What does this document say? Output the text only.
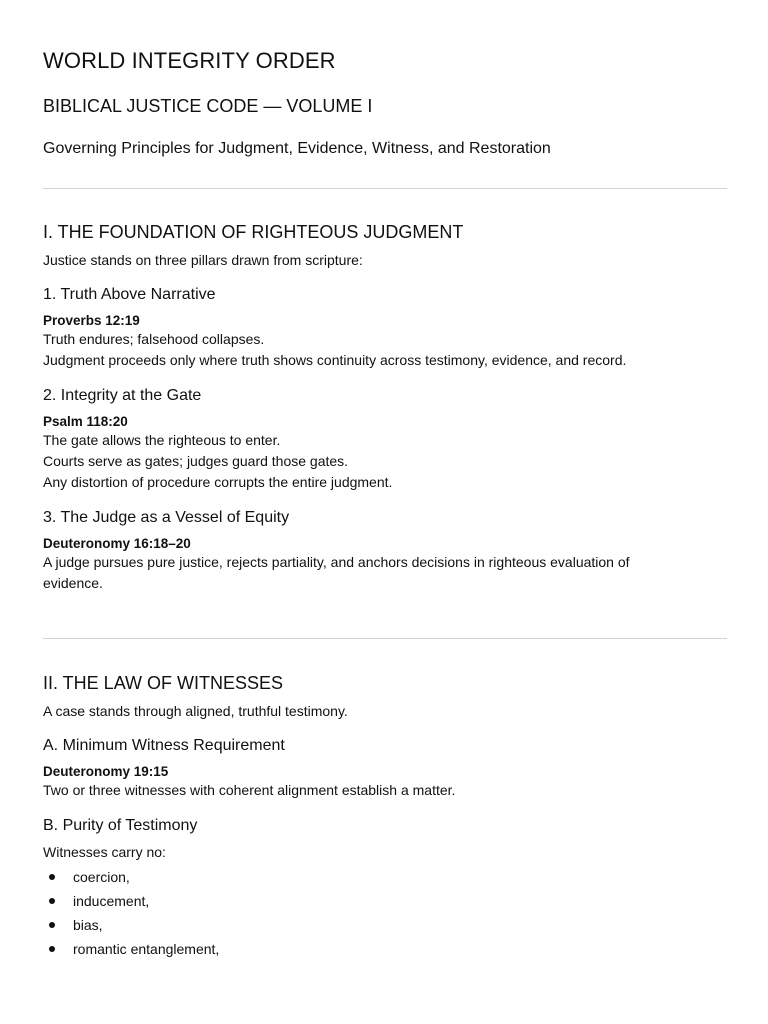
WORLD INTEGRITY ORDER
BIBLICAL JUSTICE CODE — VOLUME I
Governing Principles for Judgment, Evidence, Witness, and Restoration
I. THE FOUNDATION OF RIGHTEOUS JUDGMENT

Justice stands on three pillars drawn from scripture:

1. Truth Above Narrative

Proverbs 12:19

Truth endures; falsehood collapses.

Judgment proceeds only where truth shows continuity across testimony, evidence, and record.

2. Integrity at the Gate

Psalm 118:20

The gate allows the righteous to enter.

Courts serve as gates; judges guard those gates.

Any distortion of procedure corrupts the entire judgment.

3. The Judge as a Vessel of Equity

Deuteronomy 16:18–20

A judge pursues pure justice, rejects partiality, and anchors decisions in righteous evaluation of

evidence.

II. THE LAW OF WITNESSES

A case stands through aligned, truthful testimony.

A. Minimum Witness Requirement

Deuteronomy 19:15

Two or three witnesses with coherent alignment establish a matter.

B. Purity of Testimony

Witnesses carry no:

coercion,
inducement,
bias,
romantic entanglement,
